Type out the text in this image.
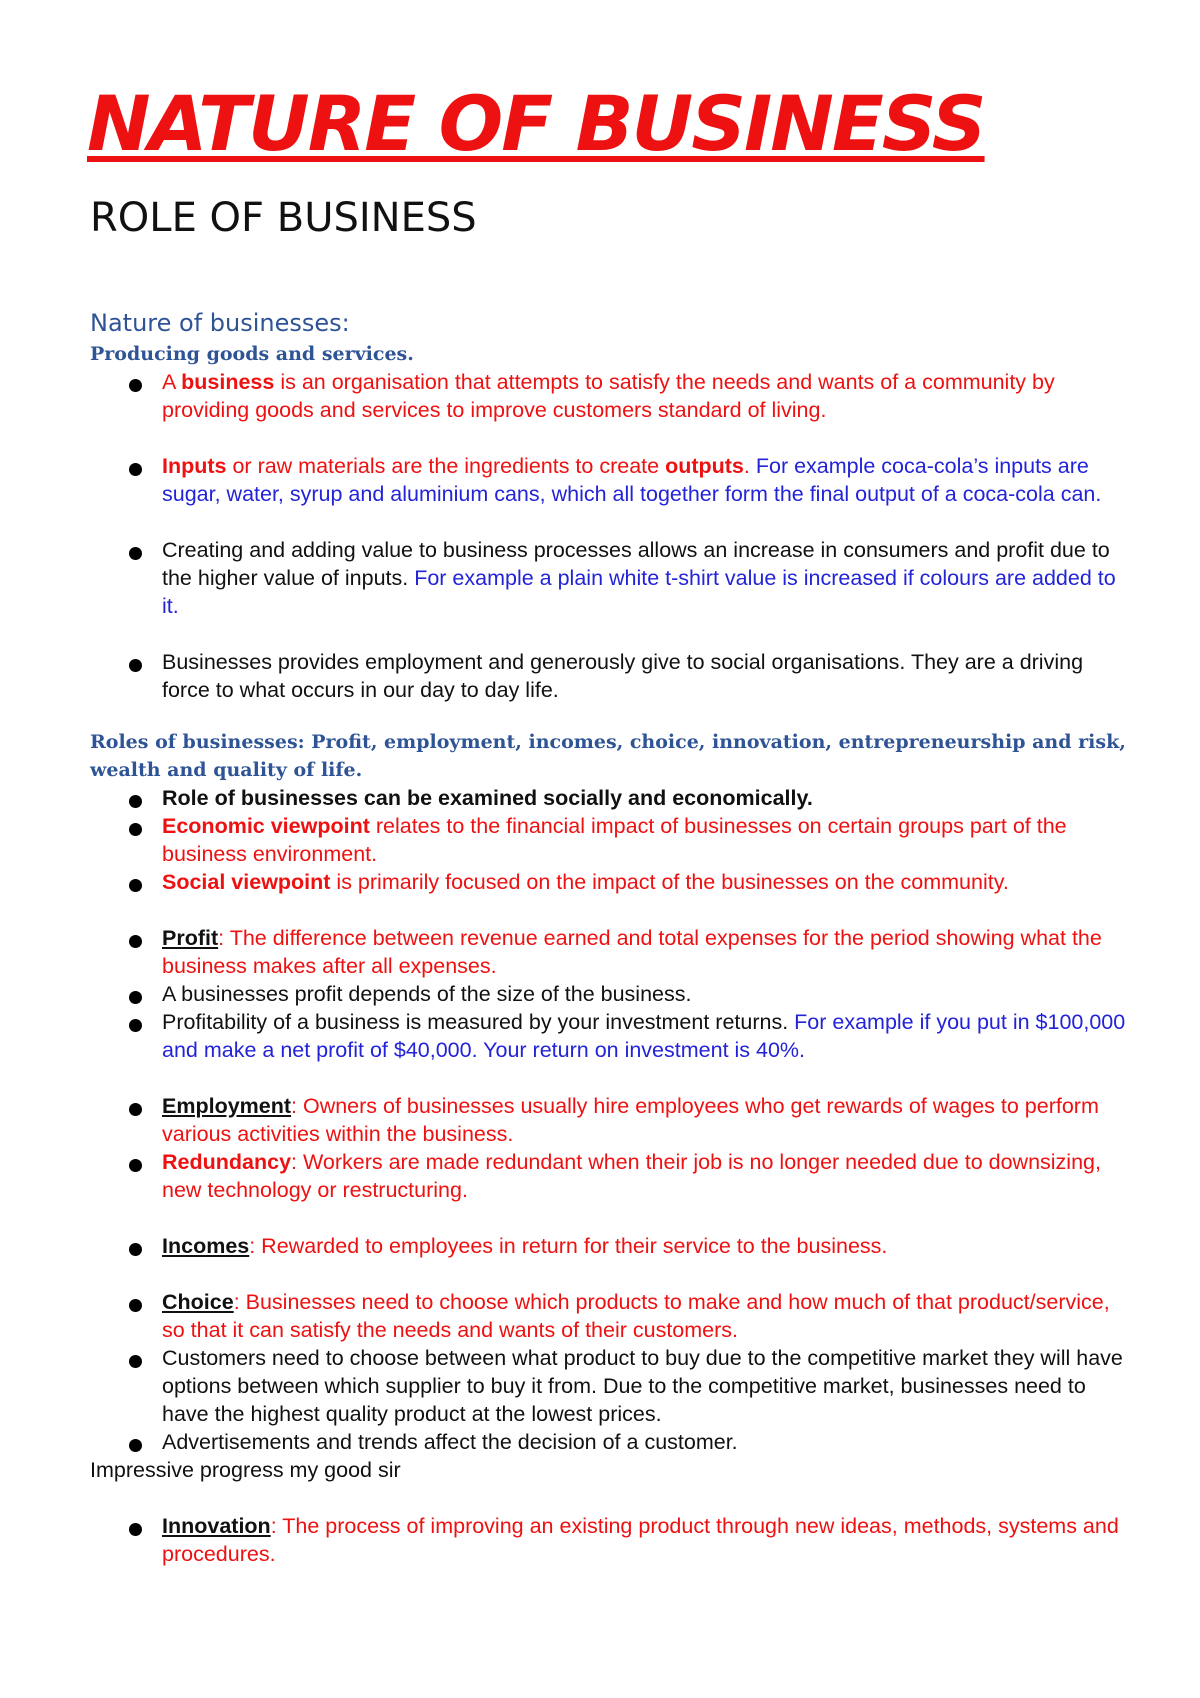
NATURE OF BUSINESS
ROLE OF BUSINESS
Nature of businesses:
Producing goods and services.
A business is an organisation that attempts to satisfy the needs and wants of a community by providing goods and services to improve customers standard of living.
Inputs or raw materials are the ingredients to create outputs. For example coca-cola’s inputs are sugar, water, syrup and aluminium cans, which all together form the final output of a coca-cola can.
Creating and adding value to business processes allows an increase in consumers and profit due to the higher value of inputs. For example a plain white t-shirt value is increased if colours are added to it.
Businesses provides employment and generously give to social organisations. They are a driving force to what occurs in our day to day life.
Roles of businesses: Profit, employment, incomes, choice, innovation, entrepreneurship and risk, wealth and quality of life.
Role of businesses can be examined socially and economically.
Economic viewpoint relates to the financial impact of businesses on certain groups part of the business environment.
Social viewpoint is primarily focused on the impact of the businesses on the community.
Profit: The difference between revenue earned and total expenses for the period showing what the business makes after all expenses.
A businesses profit depends of the size of the business.
Profitability of a business is measured by your investment returns. For example if you put in $100,000 and make a net profit of $40,000. Your return on investment is 40%.
Employment: Owners of businesses usually hire employees who get rewards of wages to perform various activities within the business.
Redundancy: Workers are made redundant when their job is no longer needed due to downsizing, new technology or restructuring.
Incomes: Rewarded to employees in return for their service to the business.
Choice: Businesses need to choose which products to make and how much of that product/service, so that it can satisfy the needs and wants of their customers.
Customers need to choose between what product to buy due to the competitive market they will have options between which supplier to buy it from. Due to the competitive market, businesses need to have the highest quality product at the lowest prices.
Advertisements and trends affect the decision of a customer.
Impressive progress my good sir
Innovation: The process of improving an existing product through new ideas, methods, systems and procedures.
